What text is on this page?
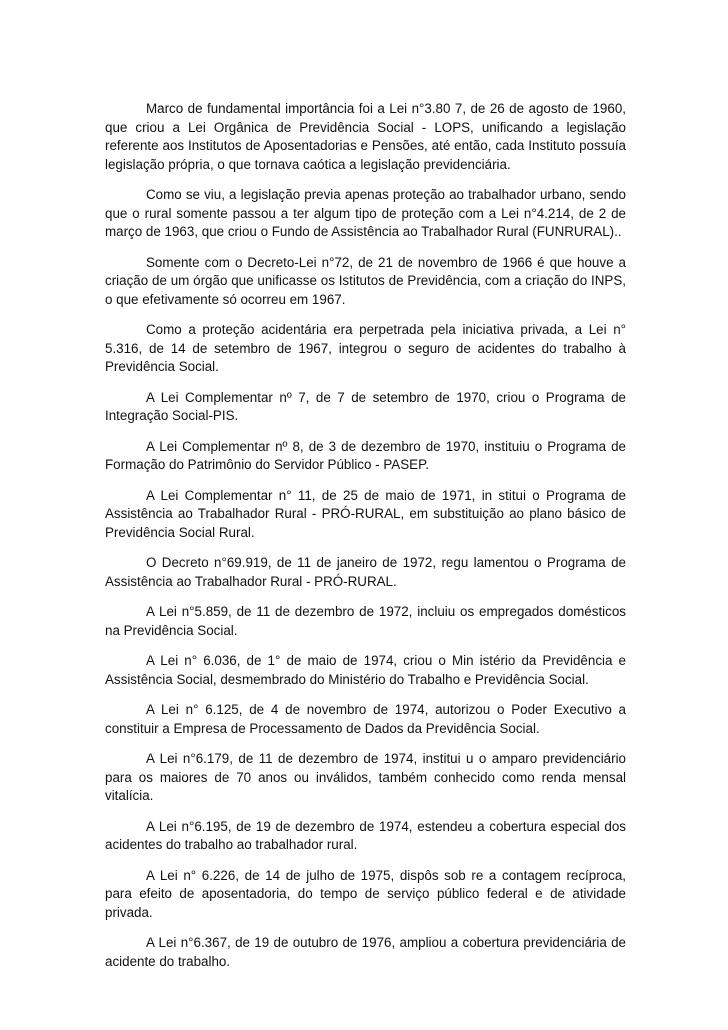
Marco de fundamental importância foi a Lei n°3.80 7, de 26 de agosto de 1960, que criou a Lei Orgânica de Previdência Social - LOPS, unificando a legislação referente aos Institutos de Aposentadorias e Pensões, até então, cada Instituto possuía legislação própria, o que tornava caótica a legislação previdenciária.

Como se viu, a legislação previa apenas proteção ao trabalhador urbano, sendo que o rural somente passou a ter algum tipo de proteção com a Lei n°4.214, de 2 de março de 1963, que criou o Fundo de Assistência ao Trabalhador Rural (FUNRURAL)..

Somente com o Decreto-Lei n°72, de 21 de novembro de 1966 é que houve a criação de um órgão que unificasse os Istitutos de Previdência, com a criação do INPS, o que efetivamente só ocorreu em 1967.

Como a proteção acidentária era perpetrada pela iniciativa privada, a Lei n° 5.316, de 14 de setembro de 1967, integrou o seguro de acidentes do trabalho à Previdência Social.

A Lei Complementar nº 7, de 7 de setembro de 1970, criou o Programa de Integração Social-PIS.

A Lei Complementar nº 8, de 3 de dezembro de 1970, instituiu o Programa de Formação do Patrimônio do Servidor Público - PASEP.

A Lei Complementar n° 11, de 25 de maio de 1971, in stitui o Programa de Assistência ao Trabalhador Rural - PRÓ-RURAL, em substituição ao plano básico de Previdência Social Rural.

O Decreto n°69.919, de 11 de janeiro de 1972, regu lamentou o Programa de Assistência ao Trabalhador Rural - PRÓ-RURAL.

A Lei n°5.859, de 11 de dezembro de 1972, incluiu os empregados domésticos na Previdência Social.

A Lei n° 6.036, de 1° de maio de 1974, criou o Min istério da Previdência e Assistência Social, desmembrado do Ministério do Trabalho e Previdência Social.

A Lei n° 6.125, de 4 de novembro de 1974, autorizou o Poder Executivo a constituir a Empresa de Processamento de Dados da Previdência Social.

A Lei n°6.179, de 11 de dezembro de 1974, institui u o amparo previdenciário para os maiores de 70 anos ou inválidos, também conhecido como renda mensal vitalícia.

A Lei n°6.195, de 19 de dezembro de 1974, estendeu a cobertura especial dos acidentes do trabalho ao trabalhador rural.

A Lei n° 6.226, de 14 de julho de 1975, dispôs sob re a contagem recíproca, para efeito de aposentadoria, do tempo de serviço público federal e de atividade privada.

A Lei n°6.367, de 19 de outubro de 1976, ampliou a cobertura previdenciária de acidente do trabalho.
